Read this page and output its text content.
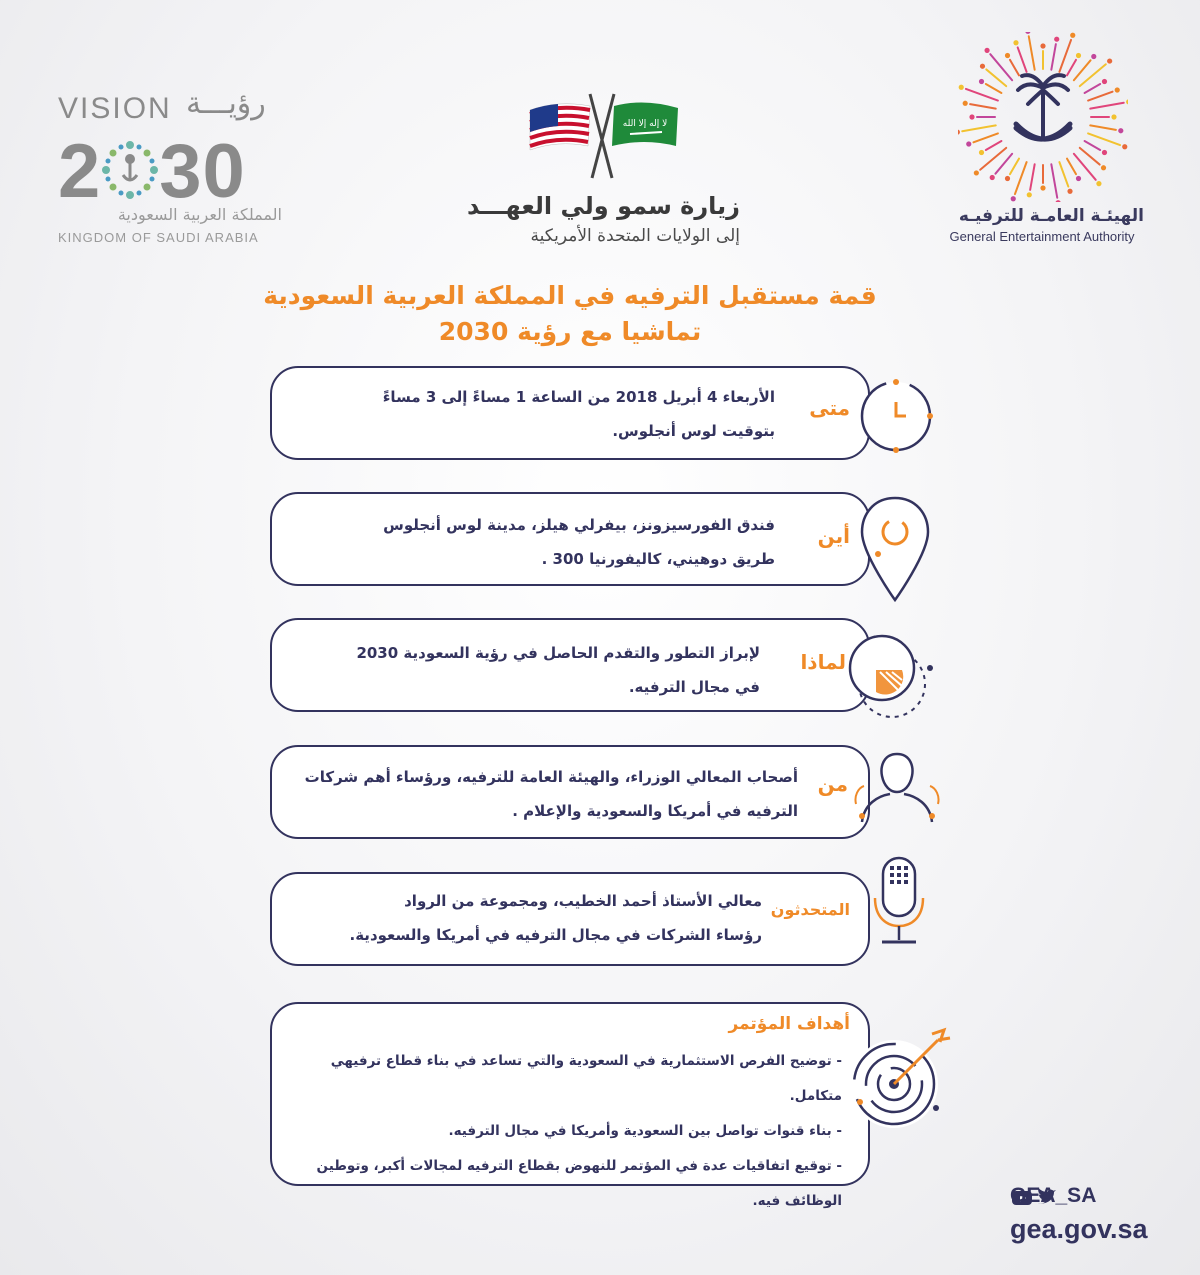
VISION رؤيـــة
2 30
المملكة العربية السعودية
KINGDOM OF SAUDI ARABIA
لا إله إلا الله
زيارة سمو ولي العهـــد
إلى الولايات المتحدة الأمريكية
الهيئـة العامـة للترفيـه
General Entertainment Authority
قمة مستقبل الترفيه في المملكة العربية السعودية
تماشيا مع رؤية 2030
متى
الأربعاء 4 أبريل 2018 من الساعة 1 مساءً إلى 3 مساءً
بتوقيت لوس أنجلوس.
أين
فندق الفورسيزونز، بيفرلي هيلز، مدينة لوس أنجلوس
طريق دوهيني، كاليفورنيا 300 .
لماذا
لإبراز التطور والتقدم الحاصل في رؤية السعودية 2030
في مجال الترفيه.
من
أصحاب المعالي الوزراء، والهيئة العامة للترفيه، ورؤساء أهم شركات
الترفيه في أمريكا والسعودية والإعلام .
المتحدثون
معالي الأستاذ أحمد الخطيب، ومجموعة من الرواد
رؤساء الشركات في مجال الترفيه في أمريكا والسعودية.
أهداف المؤتمر
- توضيح الفرص الاستثمارية في السعودية والتي تساعد في بناء قطاع ترفيهي متكامل.
- بناء قنوات تواصل بين السعودية وأمريكا في مجال الترفيه.
- توقيع اتفاقيات عدة في المؤتمر للنهوض بقطاع الترفيه لمجالات أكبر، وتوطين الوظائف فيه.	GEA_SA
gea.gov.sa
